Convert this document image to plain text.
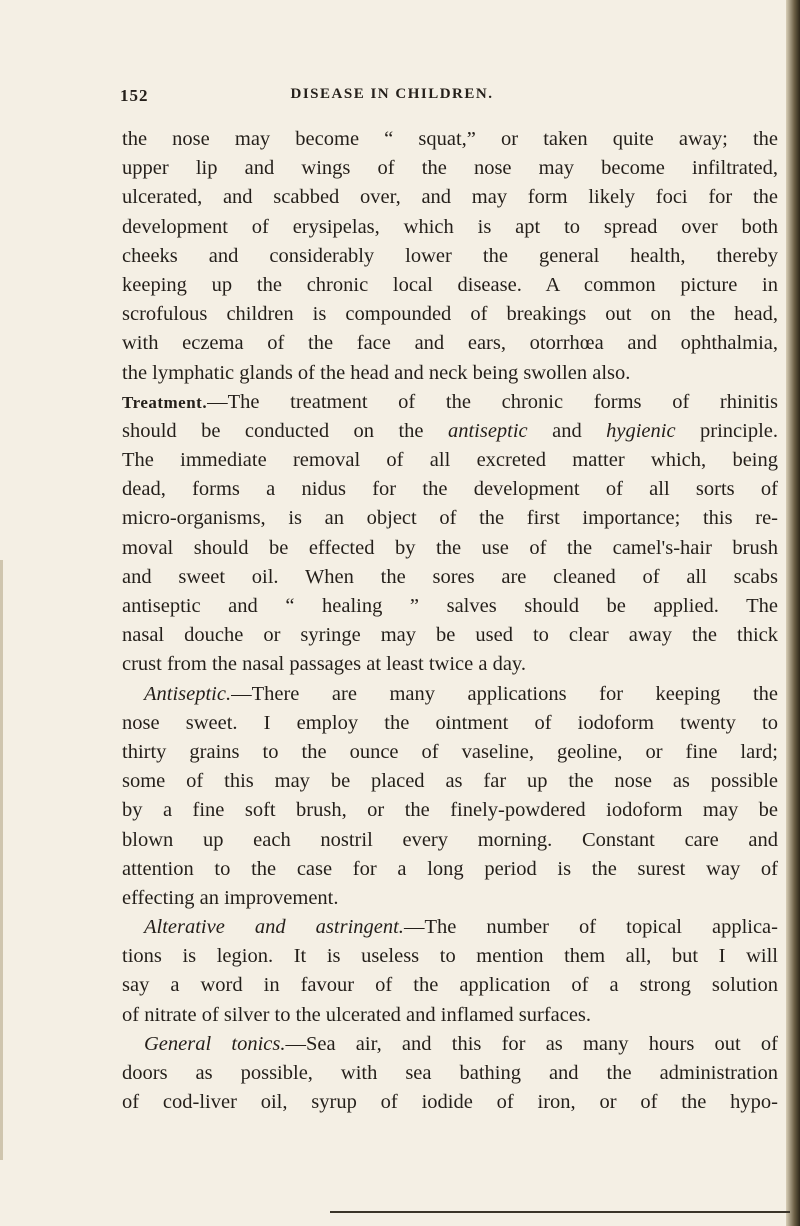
152	DISEASE IN CHILDREN.
the nose may become “ squat,” or taken quite away; the
upper lip and wings of the nose may become infiltrated,
ulcerated, and scabbed over, and may form likely foci for the
development of erysipelas, which is apt to spread over both
cheeks and considerably lower the general health, thereby
keeping up the chronic local disease. A common picture in
scrofulous children is compounded of breakings out on the head,
with eczema of the face and ears, otorrhœa and ophthalmia,
the lymphatic glands of the head and neck being swollen also.
Treatment.—The treatment of the chronic forms of rhinitis
should be conducted on the antiseptic and hygienic principle.
The immediate removal of all excreted matter which, being
dead, forms a nidus for the development of all sorts of
micro-organisms, is an object of the first importance; this re-
moval should be effected by the use of the camel's-hair brush
and sweet oil. When the sores are cleaned of all scabs
antiseptic and “ healing ” salves should be applied. The
nasal douche or syringe may be used to clear away the thick
crust from the nasal passages at least twice a day.
Antiseptic.—There are many applications for keeping the
nose sweet. I employ the ointment of iodoform twenty to
thirty grains to the ounce of vaseline, geoline, or fine lard;
some of this may be placed as far up the nose as possible
by a fine soft brush, or the finely-powdered iodoform may be
blown up each nostril every morning. Constant care and
attention to the case for a long period is the surest way of
effecting an improvement.
Alterative and astringent.—The number of topical applica-
tions is legion. It is useless to mention them all, but I will
say a word in favour of the application of a strong solution
of nitrate of silver to the ulcerated and inflamed surfaces.
General tonics.—Sea air, and this for as many hours out of
doors as possible, with sea bathing and the administration
of cod-liver oil, syrup of iodide of iron, or of the hypo-
